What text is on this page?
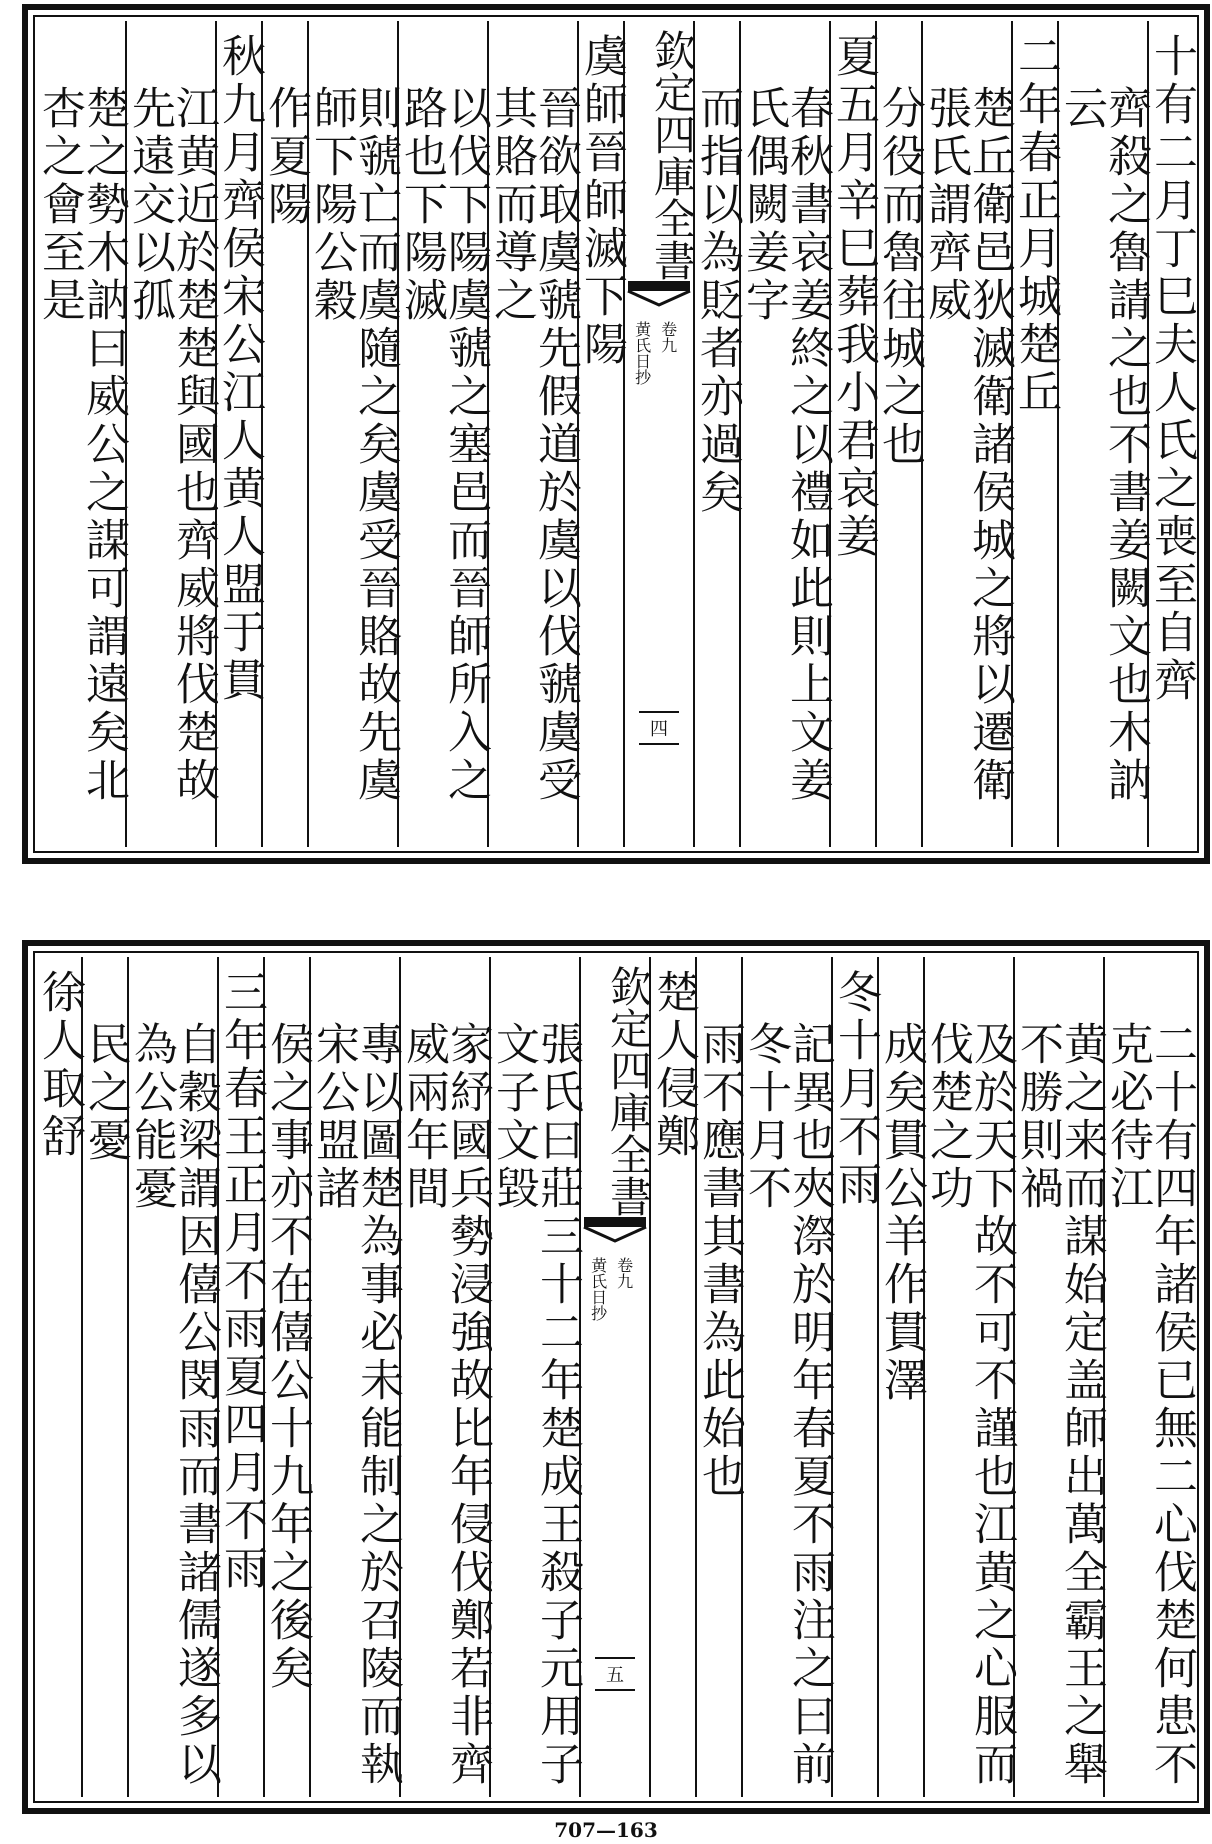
十有二月丁巳夫人氏之喪至自齊
齊殺之魯請之也不書姜闕文也木訥云
二年春正月城楚丘
楚丘衛邑狄滅衛諸侯城之將以遷衛張氏謂齊威
分役而魯往城之也
夏五月辛巳葬我小君哀姜
春秋書哀姜終之以禮如此則上文姜氏偶闕姜字
而指以為貶者亦過矣
欽定四庫全書
黄氏日抄 卷九
四
虞師晉師滅下陽
晉欲取虞虢先假道於虞以伐虢虞受其賂而導之
以伐下陽虞虢之塞邑而晉師所入之路也下陽滅
則虢亡而虞隨之矣虞受晉賂故先虞師下陽公穀
作夏陽
秋九月齊侯宋公江人黄人盟于貫
江黄近於楚楚與國也齊威將伐楚故先遠交以孤
楚之勢木訥曰威公之謀可謂遠矣北杏之會至是
二十有四年諸侯已無二心伐楚何患不克必待江
黄之来而謀始定盖師出萬全霸王之舉不勝則禍
及於天下故不可不謹也江黄之心服而伐楚之功
成矣貫公羊作貫澤
冬十月不雨
記異也夾漈於明年春夏不雨注之曰前冬十月不
雨不應書其書為此始也
楚人侵鄭
欽定四庫全書
黄氏日抄 卷九
五
張氏曰莊三十二年楚成王殺子元用子文子文毀
家紓國兵勢浸強故比年侵伐鄭若非齊威兩年間
專以圖楚為事必未能制之於召陵而執宋公盟諸
侯之事亦不在僖公十九年之後矣
三年春王正月不雨夏四月不雨
自穀梁謂因僖公閔雨而書諸儒遂多以為公能憂
民之憂
徐人取舒
707—163
